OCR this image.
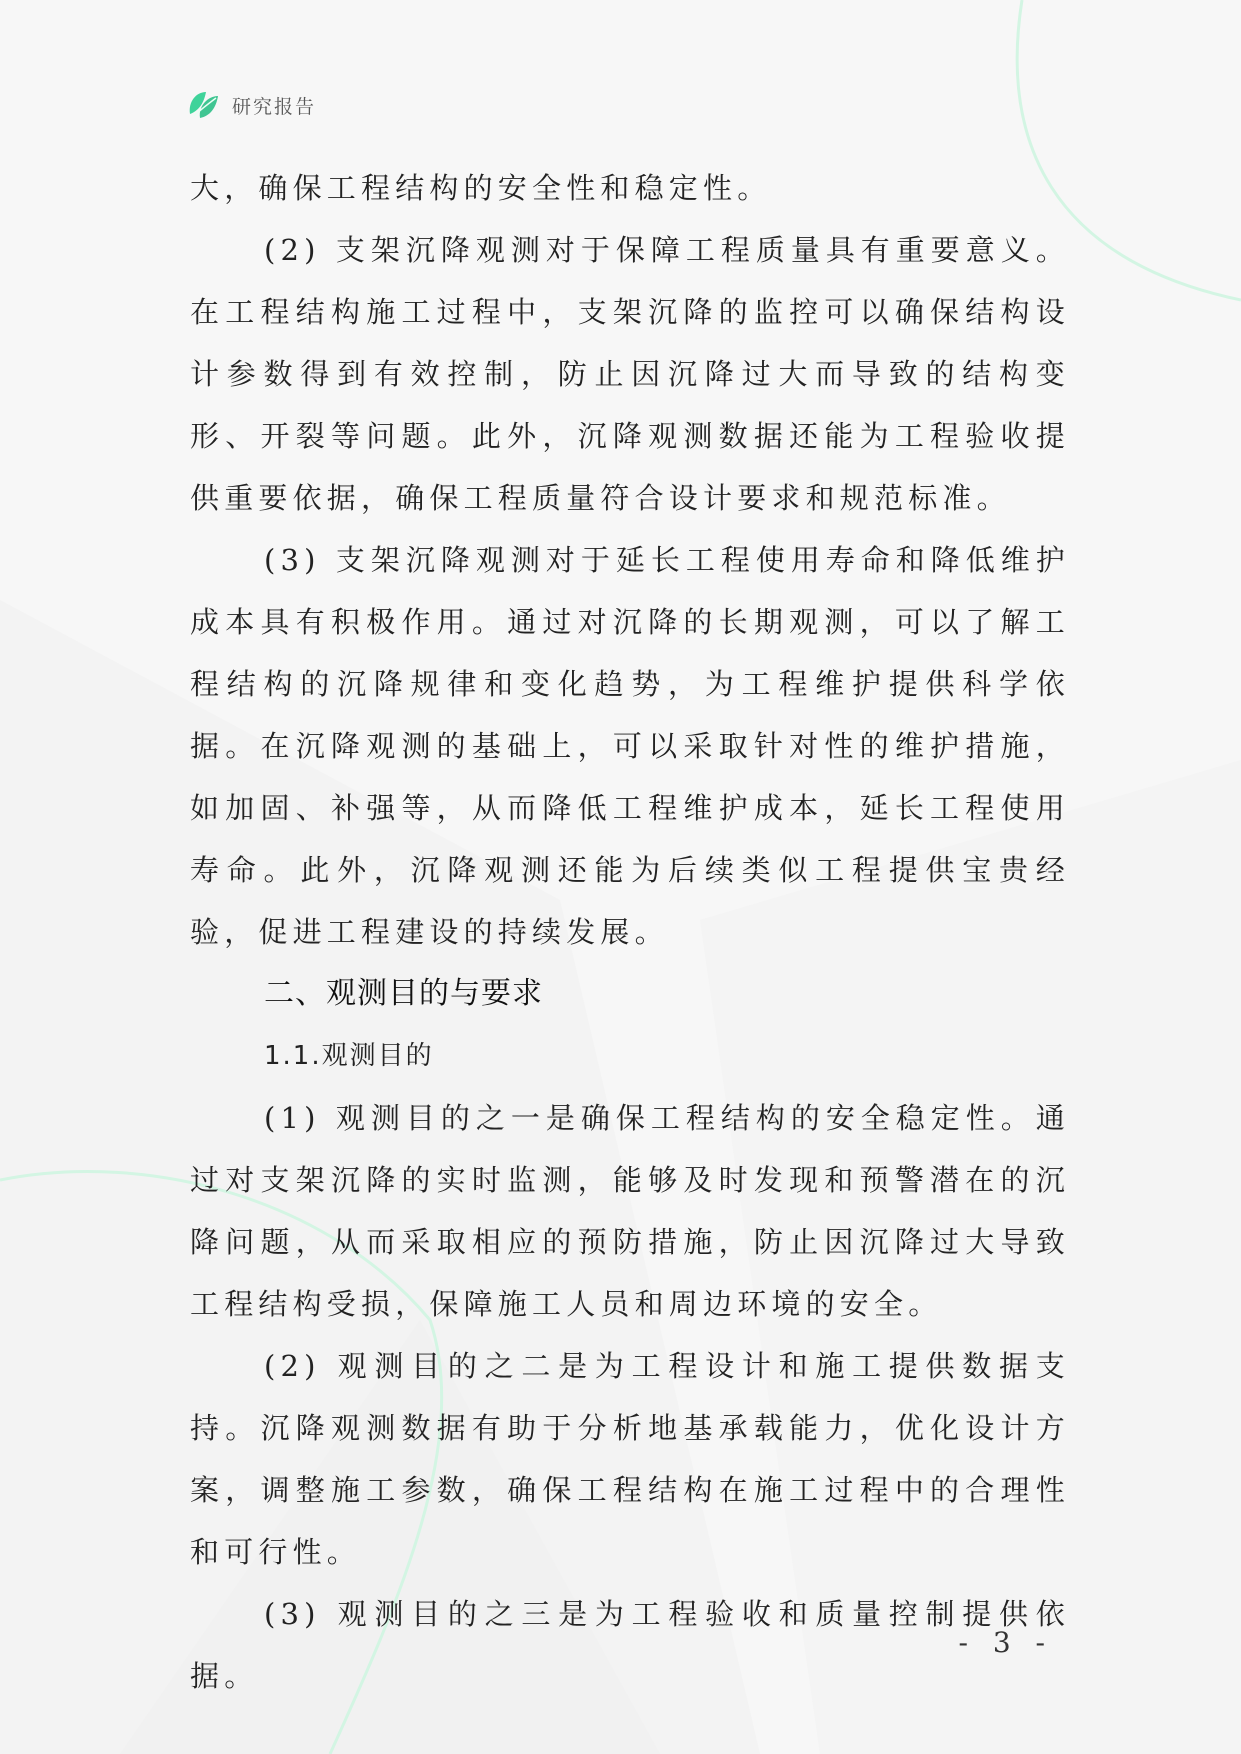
研究报告

大，确保工程结构的安全性和稳定性。

(2) 支架沉降观测对于保障工程质量具有重要意义。在工程结构施工过程中，支架沉降的监控可以确保结构设计参数得到有效控制，防止因沉降过大而导致的结构变形、开裂等问题。此外，沉降观测数据还能为工程验收提供重要依据，确保工程质量符合设计要求和规范标准。

(3) 支架沉降观测对于延长工程使用寿命和降低维护成本具有积极作用。通过对沉降的长期观测，可以了解工程结构的沉降规律和变化趋势，为工程维护提供科学依据。在沉降观测的基础上，可以采取针对性的维护措施，如加固、补强等，从而降低工程维护成本，延长工程使用寿命。此外，沉降观测还能为后续类似工程提供宝贵经验，促进工程建设的持续发展。

二、观测目的与要求

1.1.观测目的

(1) 观测目的之一是确保工程结构的安全稳定性。通过对支架沉降的实时监测，能够及时发现和预警潜在的沉降问题，从而采取相应的预防措施，防止因沉降过大导致工程结构受损，保障施工人员和周边环境的安全。

(2) 观测目的之二是为工程设计和施工提供数据支持。沉降观测数据有助于分析地基承载能力，优化设计方案，调整施工参数，确保工程结构在施工过程中的合理性和可行性。

(3) 观测目的之三是为工程验收和质量控制提供依据。

- 3 -
